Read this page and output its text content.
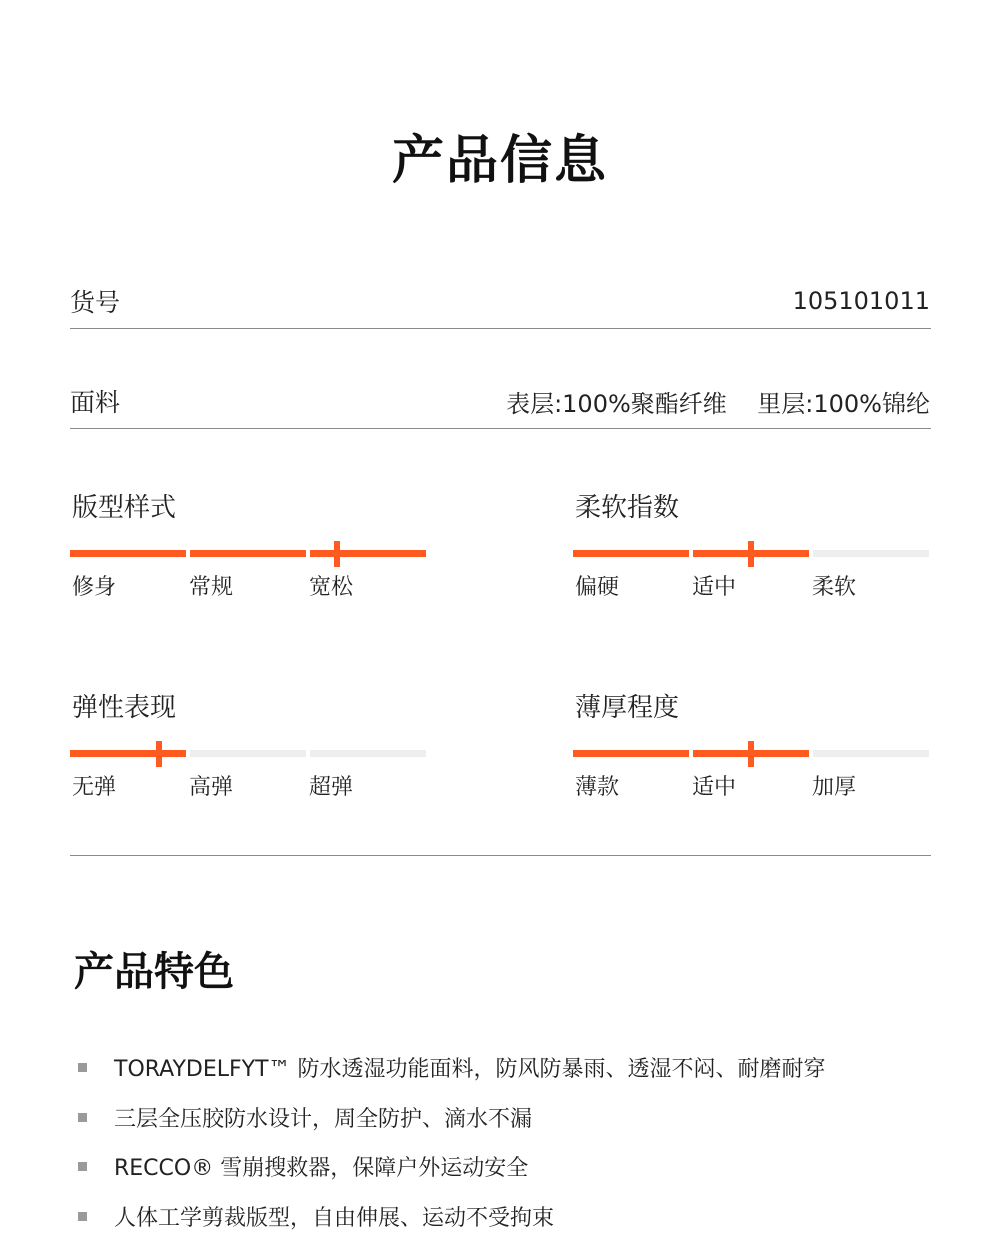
产品信息
货号	105101011
面料	表层:100%聚酯纤维    里层:100%锦纶
版型样式
修身	常规	宽松
柔软指数
偏硬	适中	柔软
弹性表现
无弹	高弹	超弹
薄厚程度
薄款	适中	加厚
产品特色
TORAYDELFYT™ 防水透湿功能面料，防风防暴雨、透湿不闷、耐磨耐穿
三层全压胶防水设计，周全防护、滴水不漏
RECCO® 雪崩搜救器，保障户外运动安全
人体工学剪裁版型，自由伸展、运动不受拘束
